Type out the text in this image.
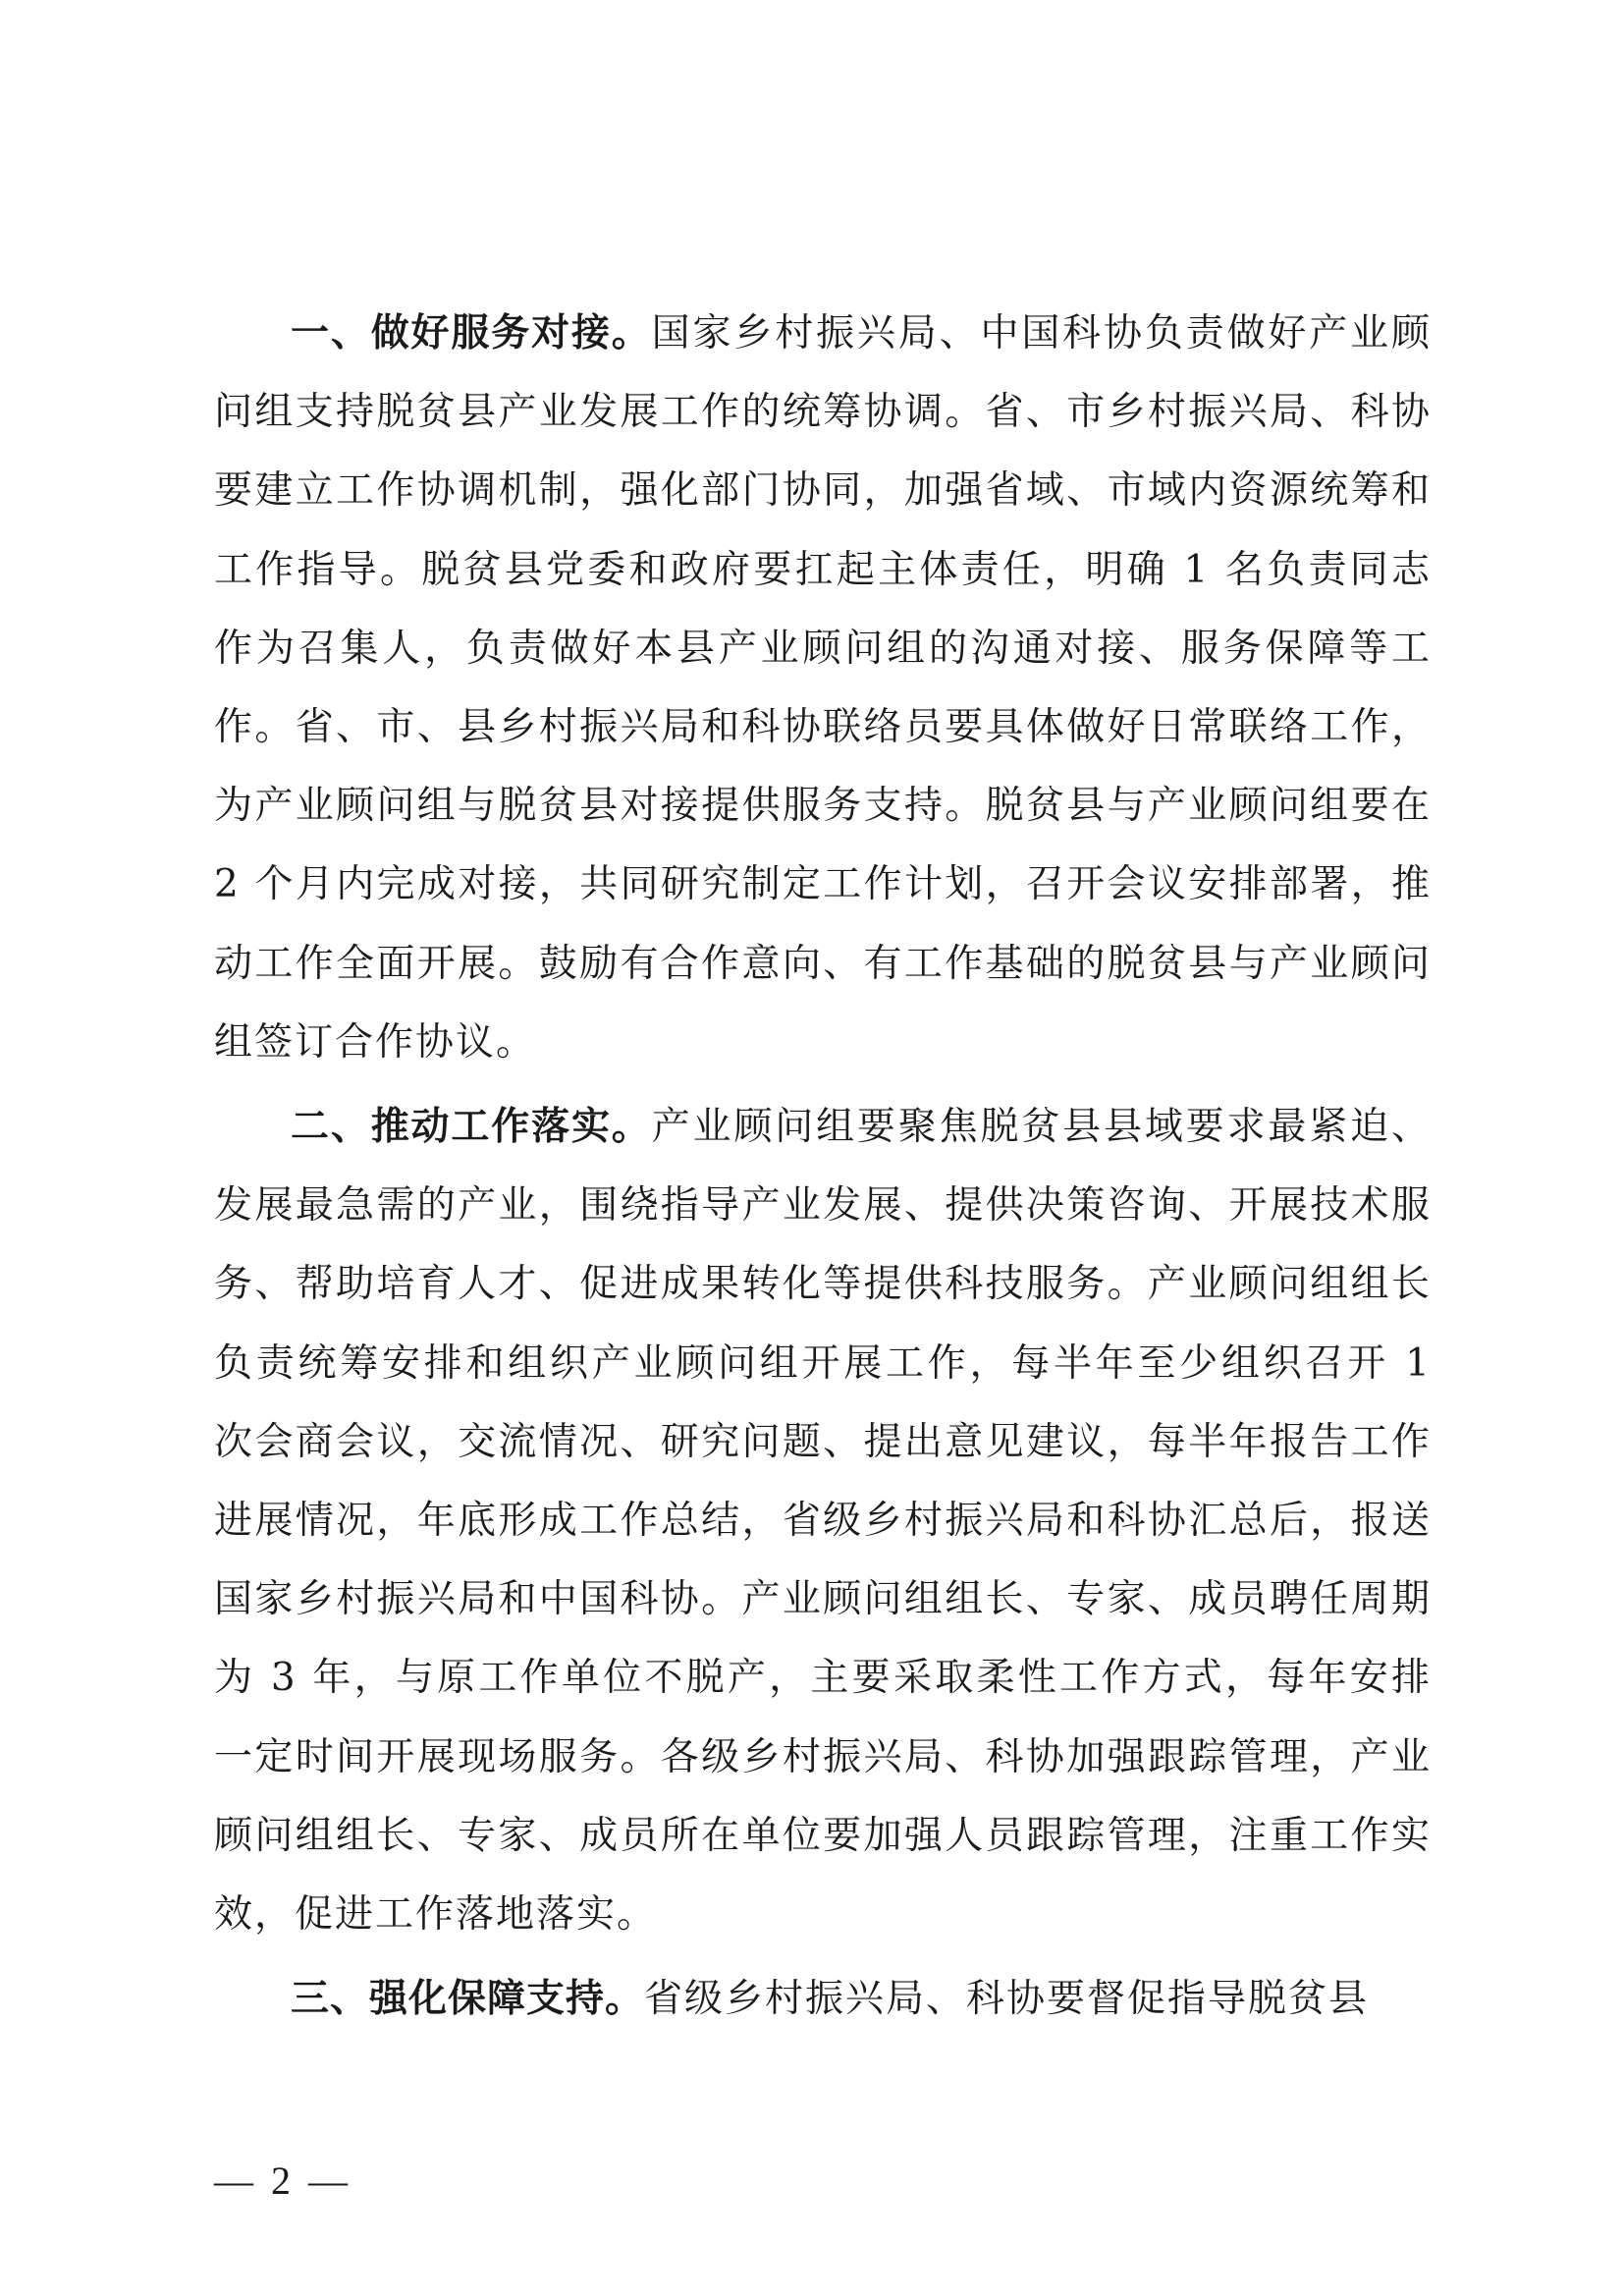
一、做好服务对接。国家乡村振兴局、中国科协负责做好产业顾问组支持脱贫县产业发展工作的统筹协调。省、市乡村振兴局、科协要建立工作协调机制，强化部门协同，加强省域、市域内资源统筹和工作指导。脱贫县党委和政府要扛起主体责任，明确 1 名负责同志作为召集人，负责做好本县产业顾问组的沟通对接、服务保障等工作。省、市、县乡村振兴局和科协联络员要具体做好日常联络工作，为产业顾问组与脱贫县对接提供服务支持。脱贫县与产业顾问组要在 2 个月内完成对接，共同研究制定工作计划，召开会议安排部署，推动工作全面开展。鼓励有合作意向、有工作基础的脱贫县与产业顾问组签订合作协议。

二、推动工作落实。产业顾问组要聚焦脱贫县县域要求最紧迫、发展最急需的产业，围绕指导产业发展、提供决策咨询、开展技术服务、帮助培育人才、促进成果转化等提供科技服务。产业顾问组组长负责统筹安排和组织产业顾问组开展工作，每半年至少组织召开 1 次会商会议，交流情况、研究问题、提出意见建议，每半年报告工作进展情况，年底形成工作总结，省级乡村振兴局和科协汇总后，报送国家乡村振兴局和中国科协。产业顾问组组长、专家、成员聘任周期为 3 年，与原工作单位不脱产，主要采取柔性工作方式，每年安排一定时间开展现场服务。各级乡村振兴局、科协加强跟踪管理，产业顾问组组长、专家、成员所在单位要加强人员跟踪管理，注重工作实效，促进工作落地落实。

三、强化保障支持。省级乡村振兴局、科协要督促指导脱贫县

— 2 —
